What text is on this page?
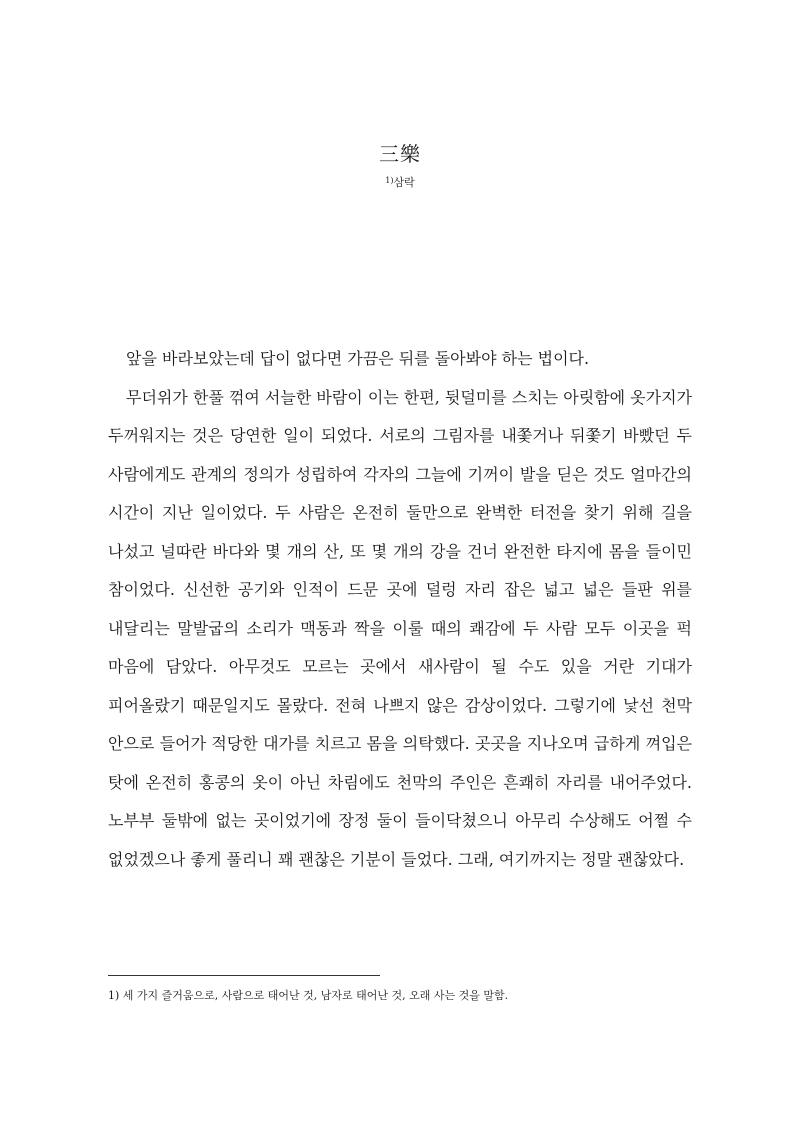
三樂
$^{1)}$삼락

앞을 바라보았는데 답이 없다면 가끔은 뒤를 돌아봐야 하는 법이다.

무더위가 한풀 꺾여 서늘한 바람이 이는 한편, 뒷덜미를 스치는 아릿함에 옷가지가 두꺼워지는 것은 당연한 일이 되었다. 서로의 그림자를 내쫓거나 뒤쫓기 바빴던 두 사람에게도 관계의 정의가 성립하여 각자의 그늘에 기꺼이 발을 딛은 것도 얼마간의 시간이 지난 일이었다. 두 사람은 온전히 둘만으로 완벽한 터전을 찾기 위해 길을 나섰고 널따란 바다와 몇 개의 산, 또 몇 개의 강을 건너 완전한 타지에 몸을 들이민 참이었다. 신선한 공기와 인적이 드문 곳에 덜렁 자리 잡은 넓고 넓은 들판 위를 내달리는 말발굽의 소리가 맥동과 짝을 이룰 때의 쾌감에 두 사람 모두 이곳을 퍽 마음에 담았다. 아무것도 모르는 곳에서 새사람이 될 수도 있을 거란 기대가 피어올랐기 때문일지도 몰랐다. 전혀 나쁘지 않은 감상이었다. 그렇기에 낯선 천막 안으로 들어가 적당한 대가를 치르고 몸을 의탁했다. 곳곳을 지나오며 급하게 껴입은 탓에 온전히 홍콩의 옷이 아닌 차림에도 천막의 주인은 흔쾌히 자리를 내어주었다. 노부부 둘밖에 없는 곳이었기에 장정 둘이 들이닥쳤으니 아무리 수상해도 어쩔 수 없었겠으나 좋게 풀리니 꽤 괜찮은 기분이 들었다. 그래, 여기까지는 정말 괜찮았다.

1) 세 가지 즐거움으로, 사람으로 태어난 것, 남자로 태어난 것, 오래 사는 것을 말함.
